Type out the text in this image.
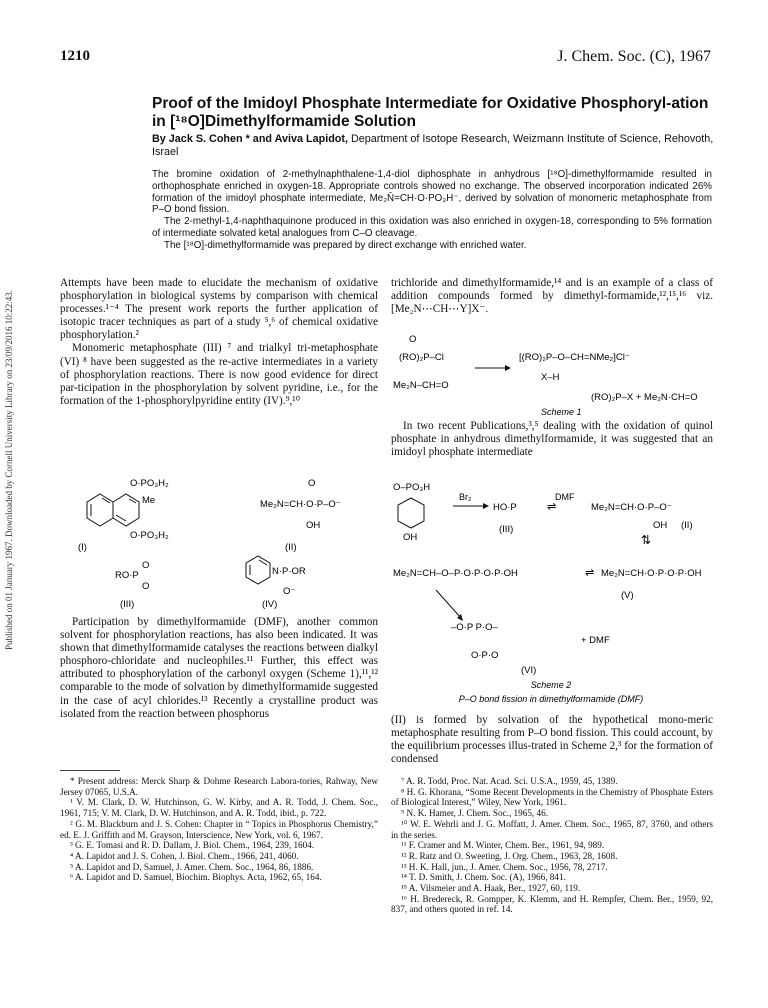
1210	J. Chem. Soc. (C), 1967
Proof of the Imidoyl Phosphate Intermediate for Oxidative Phosphoryl-ation in [¹⁸O]Dimethylformamide Solution
By Jack S. Cohen * and Aviva Lapidot, Department of Isotope Research, Weizmann Institute of Science, Rehovoth, Israel

The bromine oxidation of 2-methylnaphthalene-1,4-diol diphosphate in anhydrous [¹⁸O]-dimethylformamide resulted in orthophosphate enriched in oxygen-18. Appropriate controls showed no exchange. The observed incorporation indicated 26% formation of the imidoyl phosphate intermediate, Me₂N̄=CH·O·PO₃H⁻, derived by solvation of monomeric metaphosphate from P–O bond fission.

The 2-methyl-1,4-naphthaquinone produced in this oxidation was also enriched in oxygen-18, corresponding to 5% formation of intermediate solvated ketal analogues from C–O cleavage.

The [¹⁸O]-dimethylformamide was prepared by direct exchange with enriched water.

Published on 01 January 1967. Downloaded by Cornell University Library on 23/09/2016 10:22:43.

Attempts have been made to elucidate the mechanism of oxidative phosphorylation in biological systems by comparison with chemical processes.¹⁻⁴ The present work reports the further application of isotopic tracer techniques as part of a study ⁵,⁶ of chemical oxidative phosphorylation.²

Monomeric metaphosphate (III) ⁷ and trialkyl tri-metaphosphate (VI) ⁸ have been suggested as the re-active intermediates in a variety of phosphorylation reactions. There is now good evidence for direct par-ticipation in the phosphorylation by solvent pyridine, i.e., for the formation of the 1-phosphorylpyridine entity (IV).⁹,¹⁰

O·PO₃H₂
Me
O·PO₃H₂
(I)
O
Me₂N=CH·O·P–O⁻
OH
(II)
RO·P
O
O
(III)
N·P·OR
O⁻
(IV)

Participation by dimethylformamide (DMF), another common solvent for phosphorylation reactions, has also been indicated. It was shown that dimethylformamide catalyses the reactions between dialkyl phosphoro-chloridate and nucleophiles.¹¹ Further, this effect was attributed to phosphorylation of the carbonyl oxygen (Scheme 1),¹¹,¹² comparable to the mode of solvation by dimethylformamide suggested in the case of acyl chlorides.¹³ Recently a crystalline product was isolated from the reaction between phosphorus

* Present address: Merck Sharp & Dohme Research Labora-tories, Rahway, New Jersey 07065, U.S.A.

¹ V. M. Clark, D. W. Hutchinson, G. W. Kirby, and A. R. Todd, J. Chem. Soc., 1961, 715; V. M. Clark, D. W. Hutchinson, and A. R. Todd, ibid., p. 722.

² G. M. Blackburn and J. S. Cohen: Chapter in “ Topics in Phosphorus Chemistry,” ed. E. J. Griffith and M. Grayson, Interscience, New York, vol. 6, 1967.

³ G. E. Tomasi and R. D. Dallam, J. Biol. Chem., 1964, 239, 1604.

⁴ A. Lapidot and J. S. Cohen, J. Biol. Chem., 1966, 241, 4060.

⁵ A. Lapidot and D. Samuel, J. Amer. Chem. Soc., 1964, 86, 1886.

⁶ A. Lapidot and D. Samuel, Biochim. Biophys. Acta, 1962, 65, 164.

trichloride and dimethylformamide,¹⁴ and is an example of a class of addition compounds formed by dimethyl-formamide,¹²,¹⁵,¹⁶ viz. [Me₂N⋯CH⋯Y]X⁻.

O
(RO)₂P–Cl
Me₂N–CH=O
[(RO)₂P–O–CH=NMe₂]Cl⁻
X–H
(RO)₂P–X + Me₂N·CH=O
Scheme 1

In two recent Publications,³,⁵ dealing with the oxidation of quinol phosphate in anhydrous dimethylformamide, it was suggested that an imidoyl phosphate intermediate

O–PO₃H
OH
Br₂
HO·P
(III)
DMF
⇌	Me₂N=CH·O·P–O⁻
OH (II)
⇅
Me₂N=CH–O–P·O·P·O·P·OH	⇌ Me₂N=CH·O·P·O·P·OH
(V)
–O·P P·O–
O·P·O
(VI)
+ DMF
Scheme 2
P–O bond fission in dimethylformamide (DMF)

(II) is formed by solvation of the hypothetical mono-meric metaphosphate resulting from P–O bond fission. This could account, by the equilibrium processes illus-trated in Scheme 2,³ for the formation of condensed

⁷ A. R. Todd, Proc. Nat. Acad. Sci. U.S.A., 1959, 45, 1389.

⁸ H. G. Khorana, “Some Recent Developments in the Chemistry of Phosphate Esters of Biological Interest,” Wiley, New York, 1961.

⁹ N. K. Hamer, J. Chem. Soc., 1965, 46.

¹⁰ W. E. Wehrli and J. G. Moffatt, J. Amer. Chem. Soc., 1965, 87, 3760, and others in the series.

¹¹ F. Cramer and M. Winter, Chem. Ber., 1961, 94, 989.

¹² R. Ratz and O. Sweeting, J. Org. Chem., 1963, 28, 1608.

¹³ H. K. Hall, jun., J. Amer. Chem. Soc., 1956, 78, 2717.

¹⁴ T. D. Smith, J. Chem. Soc. (A), 1966, 841.

¹⁵ A. Vilsmeier and A. Haak, Ber., 1927, 60, 119.

¹⁶ H. Bredereck, R. Gompper, K. Klemm, and H. Rempfer, Chem. Ber., 1959, 92, 837, and others quoted in ref. 14.
